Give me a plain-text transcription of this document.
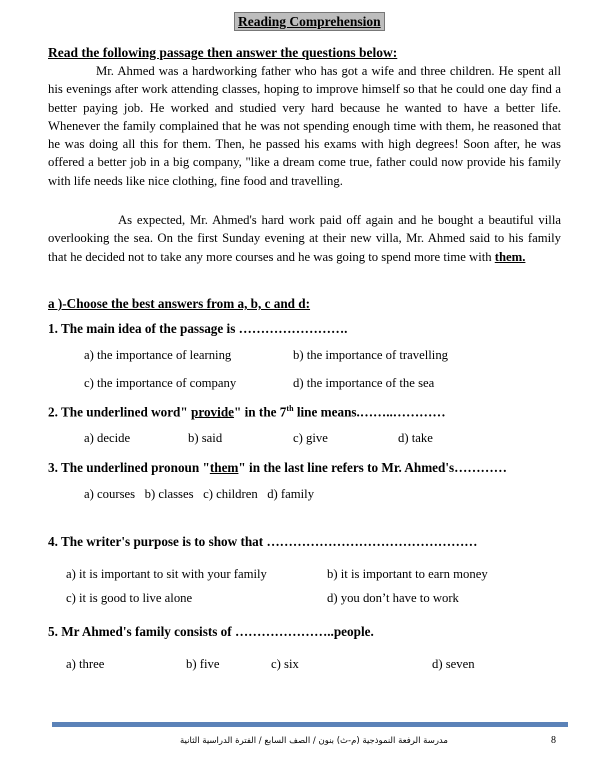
Reading Comprehension
Read the following passage then answer the questions below:
Mr. Ahmed was a hardworking father who has got a wife and three children. He spent all his evenings after work attending classes, hoping to improve himself so that he could one day find a better paying job. He worked and studied very hard because he wanted to have a better life. Whenever the family complained that he was not spending enough time with them, he reasoned that he was doing all this for them. Then, he passed his exams with high degrees! Soon after, he was offered a better job in a big company, "like a dream come true, father could now provide his family with life needs like nice clothing, fine food and travelling.
As expected, Mr. Ahmed's hard work paid off again and he bought a beautiful villa overlooking the sea. On the first Sunday evening at their new villa, Mr. Ahmed said to his family that he decided not to take any more courses and he was going to spend more time with them.
a )-Choose the best answers from a, b, c and d:
1. The main idea of the passage is …………………….
a) the importance of learning	b) the importance of travelling
c) the importance of company	d) the importance of the sea
2. The underlined word" provide" in the 7th line means.……..…………
a) decide	b) said	c) give	d) take
3. The underlined pronoun "them" in the last line refers to Mr. Ahmed's…………
a) courses   b) classes   c) children   d) family
4. The writer's purpose is to show that …………………………………………
a) it is important to sit with your family	b) it is important to earn money
c) it is good to live alone	d) you don’t have to work
5. Mr Ahmed's family consists of …………………..people.
a) three	b) five	c) six	d) seven
مدرسة الرفعة النموذجية (م-ث) بنون / الصف السابع / الفترة الدراسية الثانية	8
